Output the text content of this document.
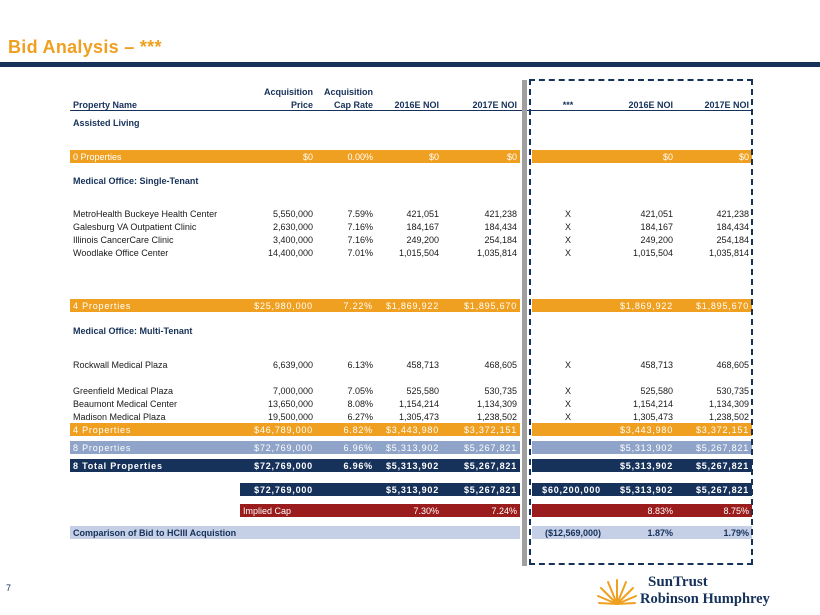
Bid Analysis – ***
	Acquisition	Acquisition						
Property Name	Price	Cap Rate	2016E NOI	2017E NOI		***	2016E NOI	2017E NOI

Assisted Living								

0 Properties	$0	0.00%	$0	$0			$0	$0

Medical Office: Single-Tenant								

MetroHealth Buckeye Health Center	5,550,000	7.59%	421,051	421,238		X	421,051	421,238
Galesburg VA Outpatient Clinic	2,630,000	7.16%	184,167	184,434		X	184,167	184,434
Illinois CancerCare Clinic	3,400,000	7.16%	249,200	254,184		X	249,200	254,184
Woodlake Office Center	14,400,000	7.01%	1,015,504	1,035,814		X	1,015,504	1,035,814

4 Properties	$25,980,000	7.22%	$1,869,922	$1,895,670			$1,869,922	$1,895,670

Medical Office: Multi-Tenant								

Rockwall Medical Plaza	6,639,000	6.13%	458,713	468,605		X	458,713	468,605

Greenfield Medical Plaza	7,000,000	7.05%	525,580	530,735		X	525,580	530,735
Beaumont Medical Center	13,650,000	8.08%	1,154,214	1,134,309		X	1,154,214	1,134,309
Madison Medical Plaza	19,500,000	6.27%	1,305,473	1,238,502		X	1,305,473	1,238,502
4 Properties	$46,789,000	6.82%	$3,443,980	$3,372,151			$3,443,980	$3,372,151

8 Properties	$72,769,000	6.96%	$5,313,902	$5,267,821			$5,313,902	$5,267,821

8 Total Properties	$72,769,000	6.96%	$5,313,902	$5,267,821			$5,313,902	$5,267,821

	$72,769,000		$5,313,902	$5,267,821		$60,200,000	$5,313,902	$5,267,821

	Implied Cap		7.30%	7.24%			8.83%	8.75%

Comparison of Bid to HCIII Acquistion						($12,569,000)	1.87%	1.79%
7	SunTrust
Robinson Humphrey
